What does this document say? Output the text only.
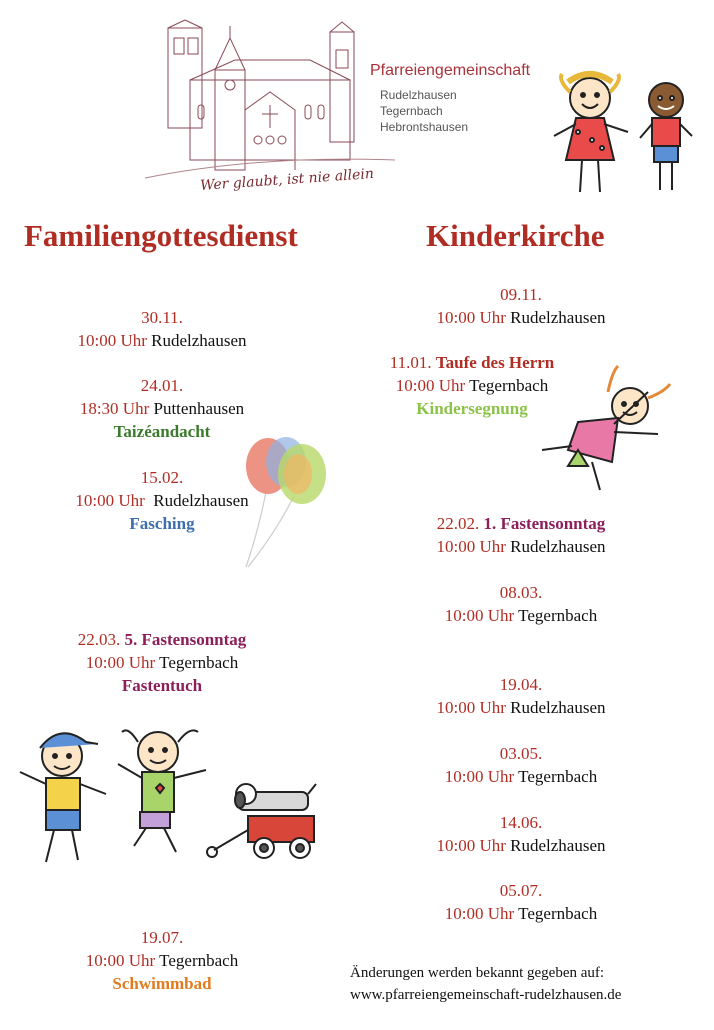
Pfarreiengemeinschaft
Rudelzhausen
Tegernbach
Hebrontshausen
Wer glaubt, ist nie allein
Familiengottesdienst	Kinderkirche
30.11.
10:00 Uhr Rudelzhausen
24.01.
18:30 Uhr Puttenhausen
Taizéandacht
15.02.
10:00 Uhr Rudelzhausen
Fasching
22.03. 5. Fastensonntag
10:00 Uhr Tegernbach
Fastentuch
19.07.
10:00 Uhr Tegernbach
Schwimmbad
09.11.
10:00 Uhr Rudelzhausen
11.01. Taufe des Herrn
10:00 Uhr Tegernbach
Kindersegnung
22.02. 1. Fastensonntag
10:00 Uhr Rudelzhausen
08.03.
10:00 Uhr Tegernbach
19.04.
10:00 Uhr Rudelzhausen
03.05.
10:00 Uhr Tegernbach
14.06.
10:00 Uhr Rudelzhausen
05.07.
10:00 Uhr Tegernbach
Änderungen werden bekannt gegeben auf:
www.pfarreiengemeinschaft-rudelzhausen.de
